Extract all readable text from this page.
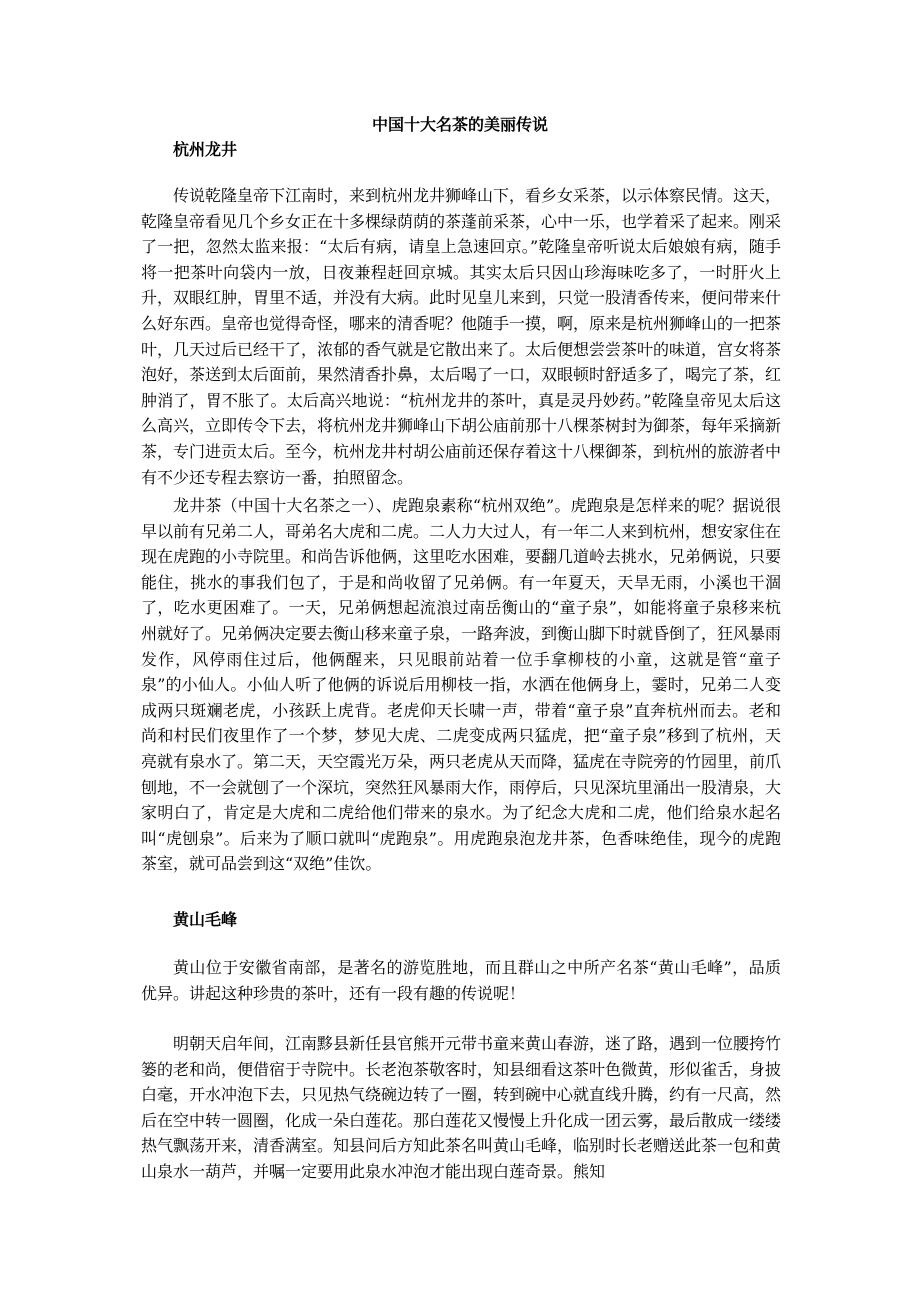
中国十大名茶的美丽传说
杭州龙井

传说乾隆皇帝下江南时，来到杭州龙井狮峰山下，看乡女采茶，以示体察民情。这天，乾隆皇帝看见几个乡女正在十多棵绿荫荫的茶蓬前采茶，心中一乐，也学着采了起来。刚采了一把，忽然太监来报：“太后有病，请皇上急速回京。”乾隆皇帝听说太后娘娘有病，随手将一把茶叶向袋内一放，日夜兼程赶回京城。其实太后只因山珍海味吃多了，一时肝火上升，双眼红肿，胃里不适，并没有大病。此时见皇儿来到，只觉一股清香传来，便问带来什么好东西。皇帝也觉得奇怪，哪来的清香呢？他随手一摸，啊，原来是杭州狮峰山的一把茶叶，几天过后已经干了，浓郁的香气就是它散出来了。太后便想尝尝茶叶的味道，宫女将茶泡好，茶送到太后面前，果然清香扑鼻，太后喝了一口，双眼顿时舒适多了，喝完了茶，红肿消了，胃不胀了。太后高兴地说：“杭州龙井的茶叶，真是灵丹妙药。”乾隆皇帝见太后这么高兴，立即传令下去，将杭州龙井狮峰山下胡公庙前那十八棵茶树封为御茶，每年采摘新茶，专门进贡太后。至今，杭州龙井村胡公庙前还保存着这十八棵御茶，到杭州的旅游者中有不少还专程去察访一番，拍照留念。

龙井茶（中国十大名茶之一）、虎跑泉素称“杭州双绝”。虎跑泉是怎样来的呢？据说很早以前有兄弟二人，哥弟名大虎和二虎。二人力大过人，有一年二人来到杭州，想安家住在现在虎跑的小寺院里。和尚告诉他俩，这里吃水困难，要翻几道岭去挑水，兄弟俩说，只要能住，挑水的事我们包了，于是和尚收留了兄弟俩。有一年夏天，天旱无雨，小溪也干涸了，吃水更困难了。一天，兄弟俩想起流浪过南岳衡山的“童子泉”，如能将童子泉移来杭州就好了。兄弟俩决定要去衡山移来童子泉，一路奔波，到衡山脚下时就昏倒了，狂风暴雨发作，风停雨住过后，他俩醒来，只见眼前站着一位手拿柳枝的小童，这就是管“童子泉”的小仙人。小仙人听了他俩的诉说后用柳枝一指，水洒在他俩身上，霎时，兄弟二人变成两只斑斓老虎，小孩跃上虎背。老虎仰天长啸一声，带着“童子泉”直奔杭州而去。老和尚和村民们夜里作了一个梦，梦见大虎、二虎变成两只猛虎，把“童子泉”移到了杭州，天亮就有泉水了。第二天，天空霞光万朵，两只老虎从天而降，猛虎在寺院旁的竹园里，前爪刨地，不一会就刨了一个深坑，突然狂风暴雨大作，雨停后，只见深坑里涌出一股清泉，大家明白了，肯定是大虎和二虎给他们带来的泉水。为了纪念大虎和二虎，他们给泉水起名叫“虎刨泉”。后来为了顺口就叫“虎跑泉”。用虎跑泉泡龙井茶，色香味绝佳，现今的虎跑茶室，就可品尝到这“双绝”佳饮。

黄山毛峰

黄山位于安徽省南部，是著名的游览胜地，而且群山之中所产名茶“黄山毛峰”，品质优异。讲起这种珍贵的茶叶，还有一段有趣的传说呢！

明朝天启年间，江南黟县新任县官熊开元带书童来黄山春游，迷了路，遇到一位腰挎竹篓的老和尚，便借宿于寺院中。长老泡茶敬客时，知县细看这茶叶色微黄，形似雀舌，身披白毫，开水冲泡下去，只见热气绕碗边转了一圈，转到碗中心就直线升腾，约有一尺高，然后在空中转一圆圈，化成一朵白莲花。那白莲花又慢慢上升化成一团云雾，最后散成一缕缕热气飘荡开来，清香满室。知县问后方知此茶名叫黄山毛峰，临别时长老赠送此茶一包和黄山泉水一葫芦，并嘱一定要用此泉水冲泡才能出现白莲奇景。熊知
